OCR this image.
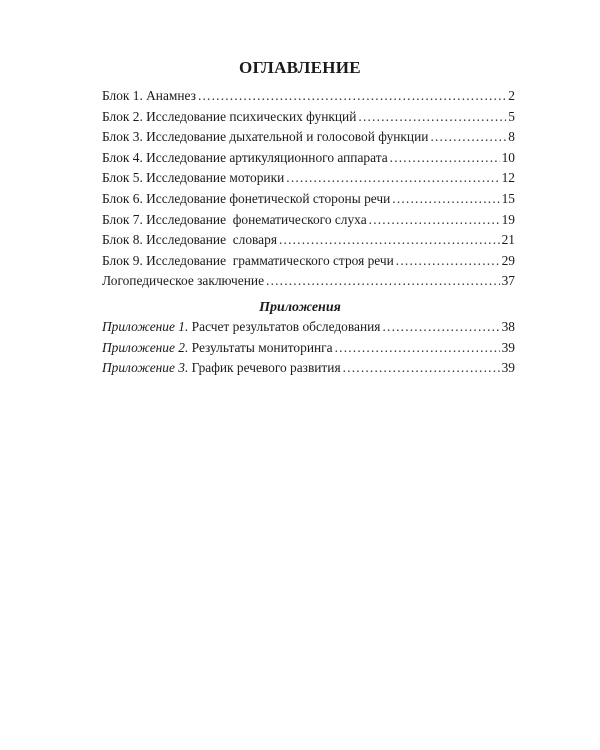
ОГЛАВЛЕНИЕ
Блок 1. Анамнез .....	2
Блок 2. Исследование психических функций .....	5
Блок 3. Исследование дыхательной и голосовой функции .....	8
Блок 4. Исследование артикуляционного аппарата .....	10
Блок 5. Исследование моторики .....	12
Блок 6. Исследование фонетической стороны речи .....	15
Блок 7. Исследование  фонематического слуха .....	19
Блок 8. Исследование  словаря .....	21
Блок 9. Исследование  грамматического строя речи .....	29
Логопедическое заключение .....	37
Приложения
Приложение 1. Расчет результатов обследования .....	38
Приложение 2. Результаты мониторинга .....	39
Приложение 3. График речевого развития .....	39
